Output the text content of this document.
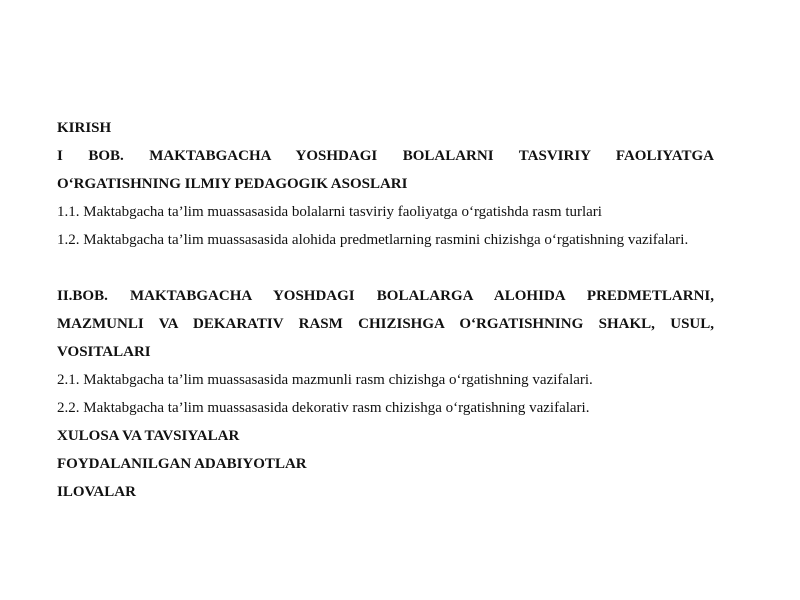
KIRISH
I BOB. MAKTABGACHA YOSHDAGI BOLALARNI TASVIRIY FAOLIYATGA
O‘RGATISHNING ILMIY PEDAGOGIK ASOSLARI
1.1. Maktabgacha ta’lim muassasasida bolalarni tasviriy faoliyatga o‘rgatishda rasm turlari
1.2. Maktabgacha ta’lim muassasasida alohida predmetlarning rasmini chizishga o‘rgatishning vazifalari.
II.BOB. MAKTABGACHA YOSHDAGI BOLALARGA ALOHIDA PREDMETLARNI,
MAZMUNLI VA DEKARATIV RASM CHIZISHGA O‘RGATISHNING SHAKL, USUL,
VOSITALARI
2.1. Maktabgacha ta’lim muassasasida mazmunli rasm chizishga o‘rgatishning vazifalari.
2.2. Maktabgacha ta’lim muassasasida dekorativ rasm chizishga o‘rgatishning vazifalari.
XULOSA VA TAVSIYALAR
FOYDALANILGAN ADABIYOTLAR
ILOVALAR
